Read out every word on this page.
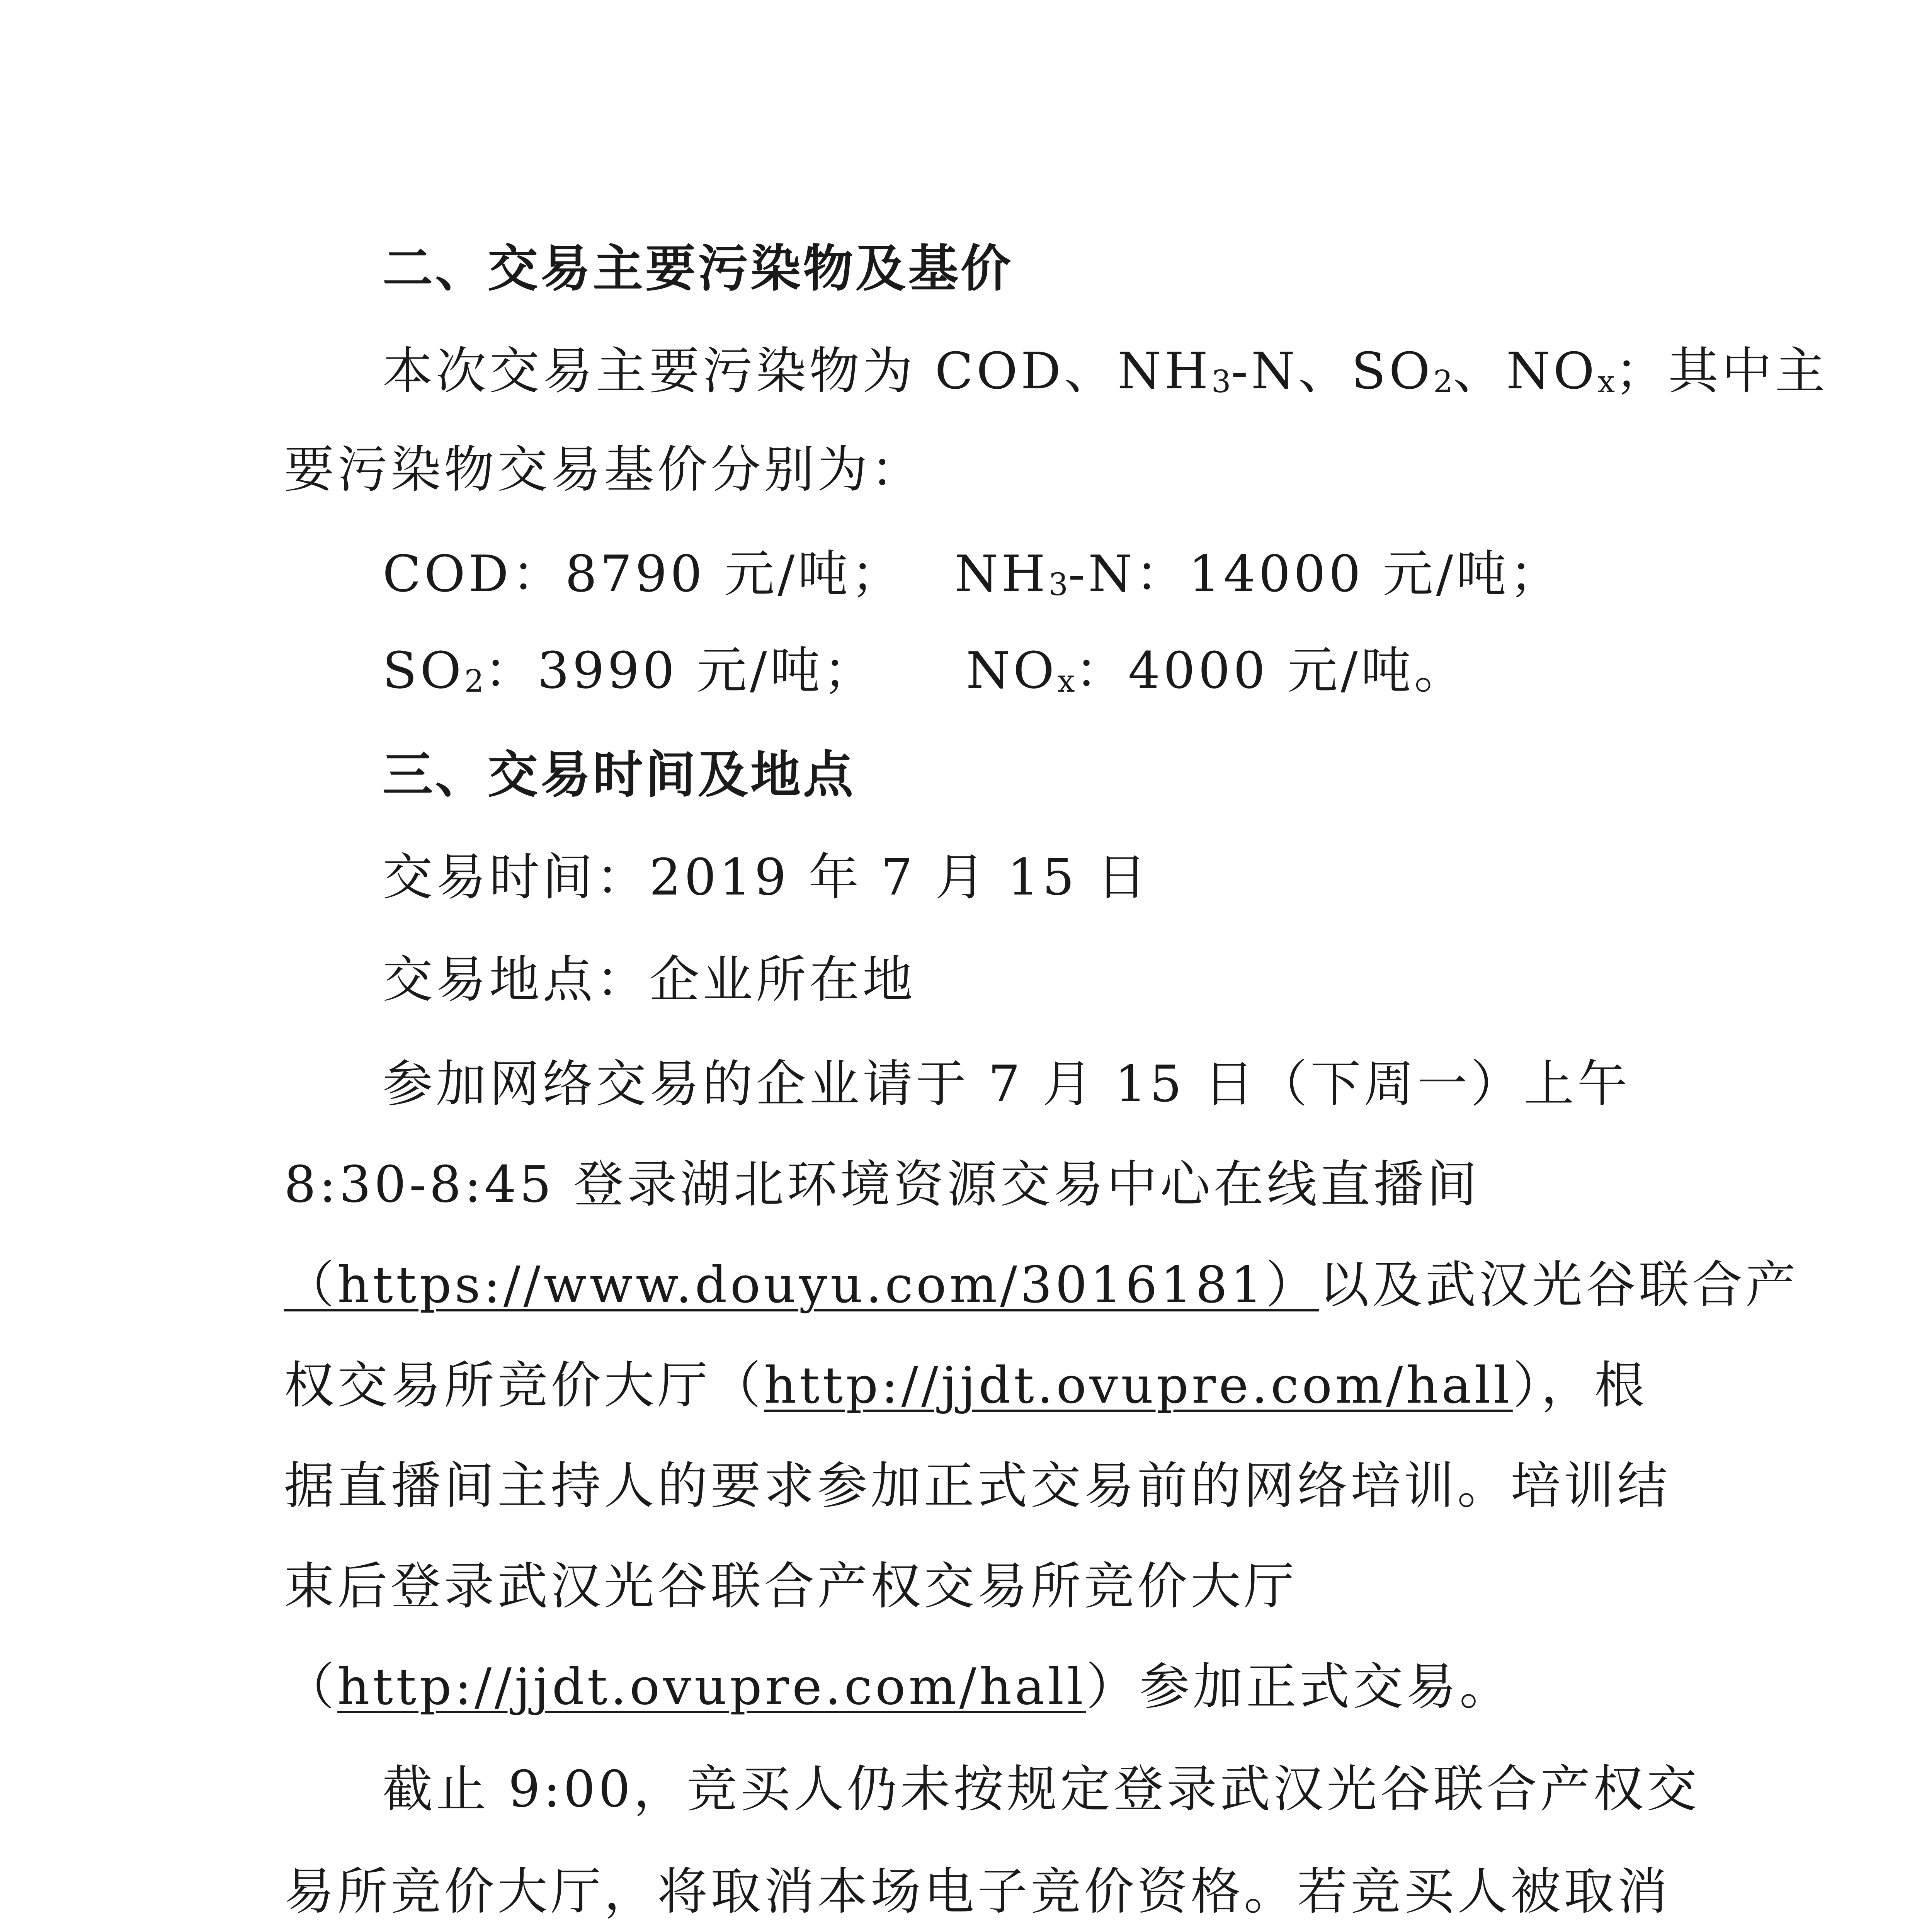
二、交易主要污染物及基价
本次交易主要污染物为 COD、NH3-N、SO2、NOx；其中主
要污染物交易基价分别为：
COD：8790 元/吨； NH3-N：14000 元/吨；
SO2：3990 元/吨； NOx：4000 元/吨。
三、交易时间及地点
交易时间：2019 年 7 月 15 日
交易地点：企业所在地
参加网络交易的企业请于 7 月 15 日（下周一）上午
8:30-8:45 登录湖北环境资源交易中心在线直播间
（https://www.douyu.com/3016181）以及武汉光谷联合产
权交易所竞价大厅（http://jjdt.ovupre.com/hall），根
据直播间主持人的要求参加正式交易前的网络培训。培训结
束后登录武汉光谷联合产权交易所竞价大厅
（http://jjdt.ovupre.com/hall）参加正式交易。
截止 9:00，竞买人仍未按规定登录武汉光谷联合产权交
易所竞价大厅，将取消本场电子竞价资格。若竞买人被取消
